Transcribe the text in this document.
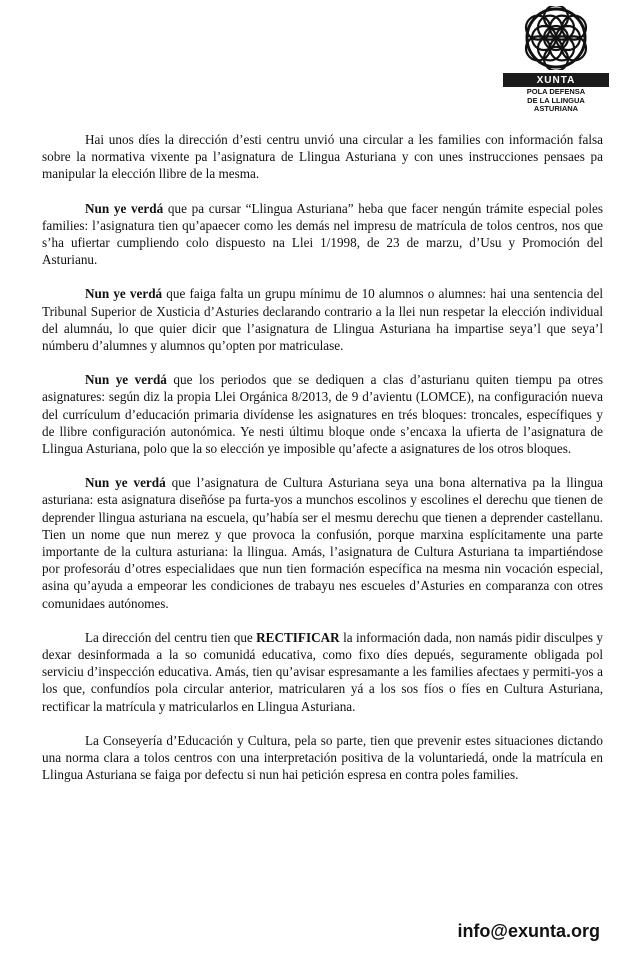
XUNTA
POLA DEFENSA
DE LA LLINGUA
ASTURIANA

Hai unos díes la dirección d’esti centru unvió una circular a les families con información falsa sobre la normativa vixente pa l’asignatura de Llingua Asturiana y con unes instrucciones pensaes pa manipular la elección llibre de la mesma.

Nun ye verdá que pa cursar “Llingua Asturiana” heba que facer nengún trámite especial poles families: l’asignatura tien qu’apaecer como les demás nel impresu de matrícula de tolos centros, nos que s’ha ufiertar cumpliendo colo dispuesto na Llei 1/1998, de 23 de marzu, d’Usu y Promoción del Asturianu.

Nun ye verdá que faiga falta un grupu mínimu de 10 alumnos o alumnes: hai una sentencia del Tribunal Superior de Xusticia d’Asturies declarando contrario a la llei nun respetar la elección individual del alumnáu, lo que quier dicir que l’asignatura de Llingua Asturiana ha impartise seya’l que seya’l númberu d’alumnes y alumnos qu’opten por matriculase.

Nun ye verdá que los periodos que se dediquen a clas d’asturianu quiten tiempu pa otres asignatures: según diz la propia Llei Orgánica 8/2013, de 9 d’avientu (LOMCE), na configuración nueva del currículum d’educación primaria divídense les asignatures en trés bloques: troncales, específiques y de llibre configuración autonómica. Ye nesti últimu bloque onde s’encaxa la ufierta de l’asignatura de Llingua Asturiana, polo que la so elección ye imposible qu’afecte a asignatures de los otros bloques.

Nun ye verdá que l’asignatura de Cultura Asturiana seya una bona alternativa pa la llingua asturiana: esta asignatura diseñóse pa furta-yos a munchos escolinos y escolines el derechu que tienen de deprender llingua asturiana na escuela, qu’había ser el mesmu derechu que tienen a deprender castellanu. Tien un nome que nun merez y que provoca la confusión, porque marxina esplícitamente una parte importante de la cultura asturiana: la llingua. Amás, l’asignatura de Cultura Asturiana ta impartiéndose por profesoráu d’otres especialidaes que nun tien formación específica na mesma nin vocación especial, asina qu’ayuda a empeorar les condiciones de trabayu nes escueles d’Asturies en comparanza con otres comunidaes autónomes.

La dirección del centru tien que RECTIFICAR la información dada, non namás pidir disculpes y dexar desinformada a la so comunidá educativa, como fixo díes depués, seguramente obligada pol serviciu d’inspección educativa. Amás, tien qu’avisar espresamante a les families afectaes y permiti-yos a los que, confundíos pola circular anterior, matricularen yá a los sos fíos o fíes en Cultura Asturiana, rectificar la matrícula y matricularlos en Llingua Asturiana.

La Conseyería d’Educación y Cultura, pela so parte, tien que prevenir estes situaciones dictando una norma clara a tolos centros con una interpretación positiva de la voluntariedá, onde la matrícula en Llingua Asturiana se faiga por defectu si nun hai petición espresa en contra poles families.

info@exunta.org
